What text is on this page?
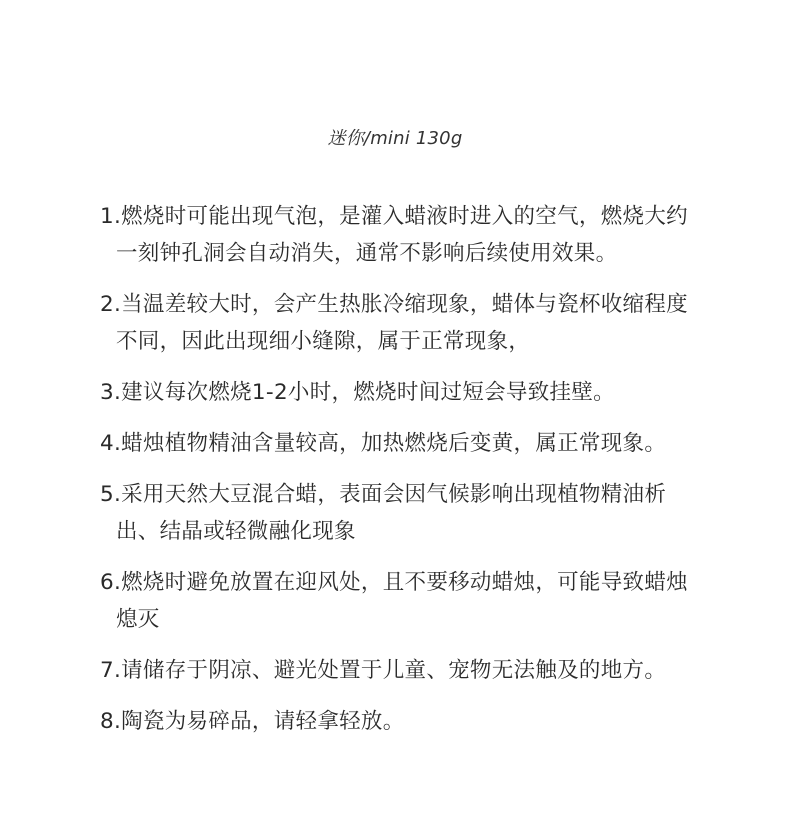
迷你/mini 130g
1.燃烧时可能出现气泡，是灌入蜡液时进入的空气，燃烧大约一刻钟孔洞会自动消失，通常不影响后续使用效果。
2.当温差较大时，会产生热胀冷缩现象，蜡体与瓷杯收缩程度不同，因此出现细小缝隙，属于正常现象，
3.建议每次燃烧1-2小时，燃烧时间过短会导致挂壁。
4.蜡烛植物精油含量较高，加热燃烧后变黄，属正常现象。
5.采用天然大豆混合蜡，表面会因气候影响出现植物精油析出、结晶或轻微融化现象
6.燃烧时避免放置在迎风处，且不要移动蜡烛，可能导致蜡烛熄灭
7.请储存于阴凉、避光处置于儿童、宠物无法触及的地方。
8.陶瓷为易碎品，请轻拿轻放。
